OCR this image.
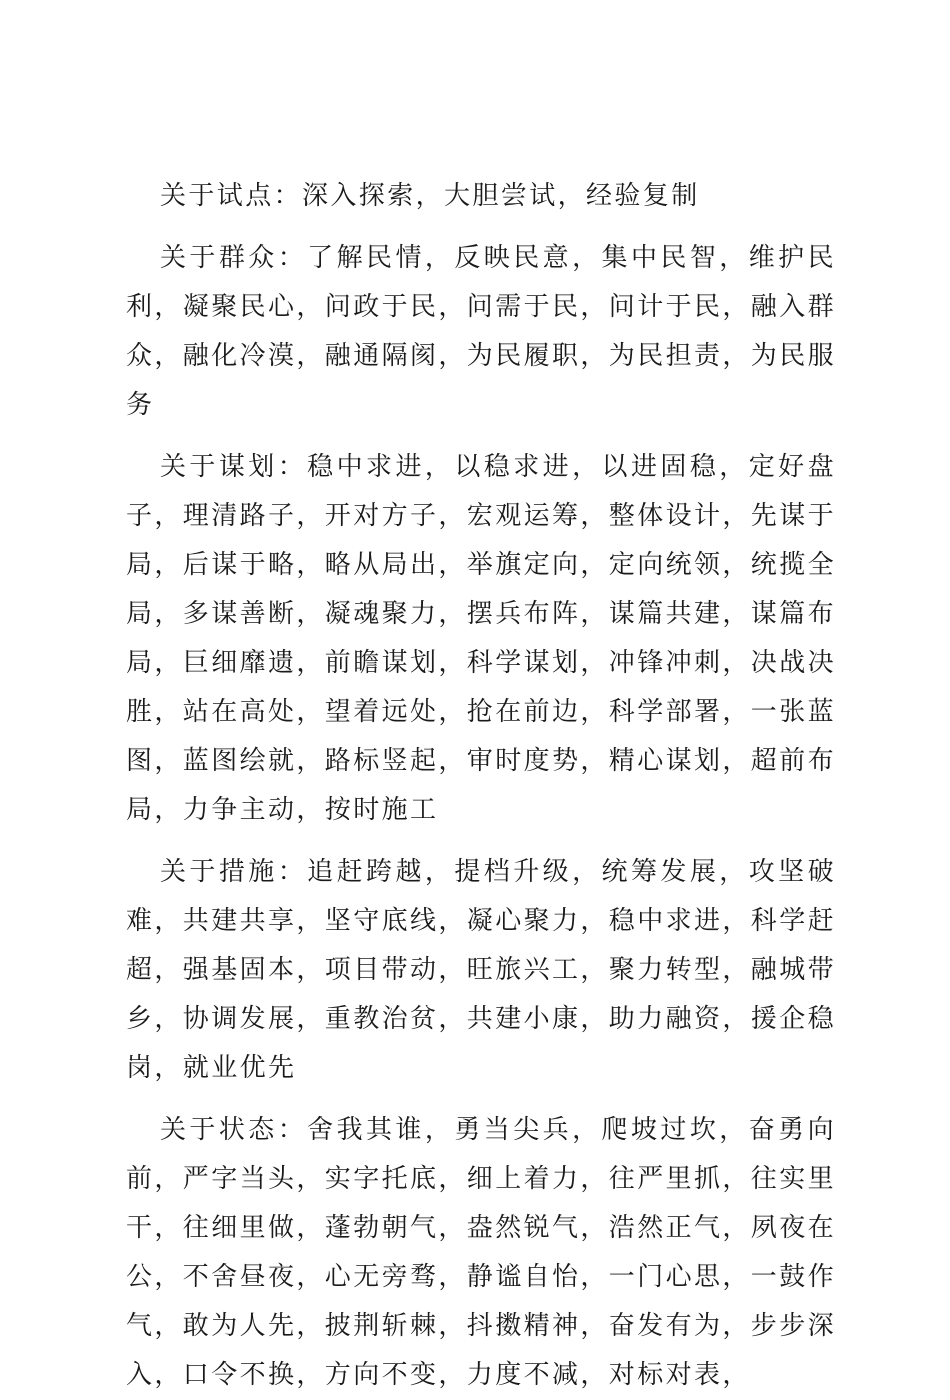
关于试点：深入探索，大胆尝试，经验复制

关于群众：了解民情，反映民意，集中民智，维护民利，凝聚民心，问政于民，问需于民，问计于民，融入群众，融化冷漠，融通隔阂，为民履职，为民担责，为民服务

关于谋划：稳中求进，以稳求进，以进固稳，定好盘子，理清路子，开对方子，宏观运筹，整体设计，先谋于局，后谋于略，略从局出，举旗定向，定向统领，统揽全局，多谋善断，凝魂聚力，摆兵布阵，谋篇共建，谋篇布局，巨细靡遗，前瞻谋划，科学谋划，冲锋冲刺，决战决胜，站在高处，望着远处，抢在前边，科学部署，一张蓝图，蓝图绘就，路标竖起，审时度势，精心谋划，超前布局，力争主动，按时施工

关于措施：追赶跨越，提档升级，统筹发展，攻坚破难，共建共享，坚守底线，凝心聚力，稳中求进，科学赶超，强基固本，项目带动，旺旅兴工，聚力转型，融城带乡，协调发展，重教治贫，共建小康，助力融资，援企稳岗，就业优先

关于状态：舍我其谁，勇当尖兵，爬坡过坎，奋勇向前，严字当头，实字托底，细上着力，往严里抓，往实里干，往细里做，蓬勃朝气，盎然锐气，浩然正气，夙夜在公，不舍昼夜，心无旁骛，静谧自怡，一门心思，一鼓作气，敢为人先，披荆斩棘，抖擞精神，奋发有为，步步深入，口令不换，方向不变，力度不减，对标对表，
